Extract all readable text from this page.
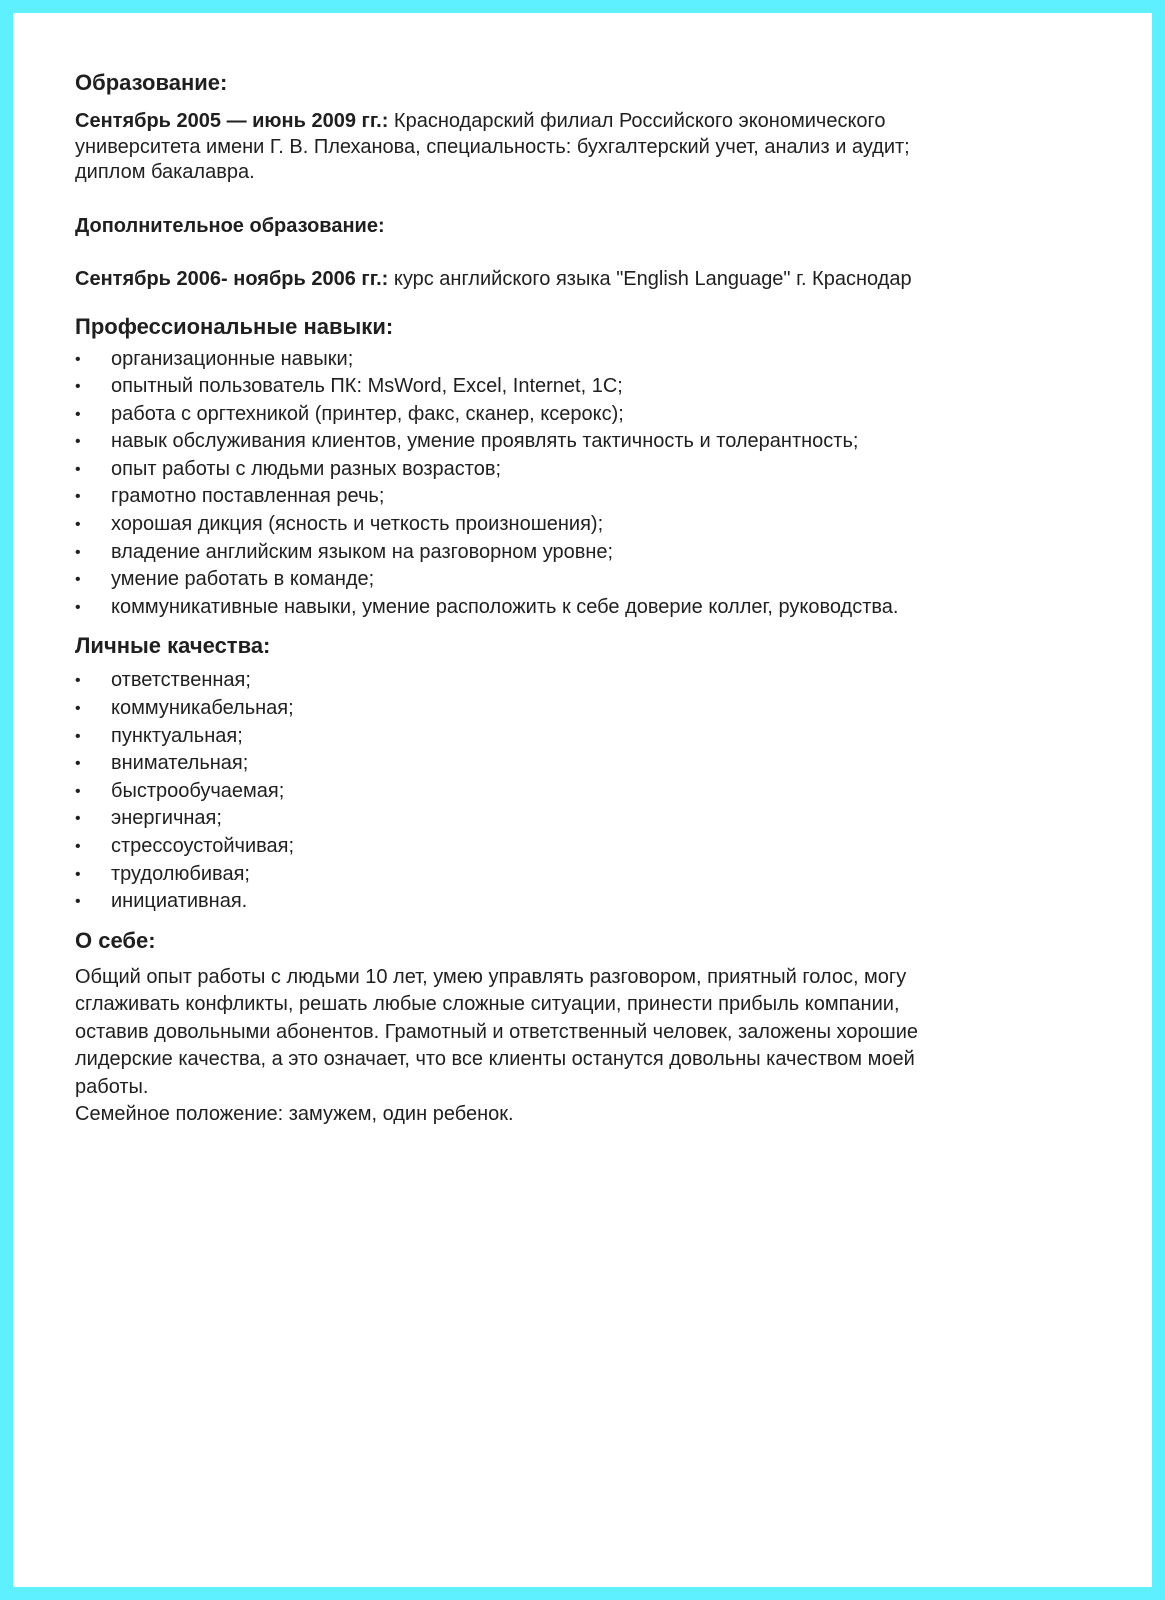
Образование:

Сентябрь 2005 — июнь 2009 гг.: Краснодарский филиал Российского экономического
университета имени Г. В. Плеханова, специальность: бухгалтерский учет, анализ и аудит;
диплом бакалавра.

Дополнительное образование:

Сентябрь 2006- ноябрь 2006 гг.: курс английского языка "English Language" г. Краснодар

Профессиональные навыки:
• организационные навыки;
• опытный пользователь ПК: MsWord, Excel, Internet, 1C;
• работа с оргтехникой (принтер, факс, сканер, ксерокс);
• навык обслуживания клиентов, умение проявлять тактичность и толерантность;
• опыт работы с людьми разных возрастов;
• грамотно поставленная речь;
• хорошая дикция (ясность и четкость произношения);
• владение английским языком на разговорном уровне;
• умение работать в команде;
• коммуникативные навыки, умение расположить к себе доверие коллег, руководства.
Личные качества:
• ответственная;
• коммуникабельная;
• пунктуальная;
• внимательная;
• быстрообучаемая;
• энергичная;
• стрессоустойчивая;
• трудолюбивая;
• инициативная.
О себе:

Общий опыт работы с людьми 10 лет, умею управлять разговором, приятный голос, могу

сглаживать конфликты, решать любые сложные ситуации, принести прибыль компании,

оставив довольными абонентов. Грамотный и ответственный человек, заложены хорошие

лидерские качества, а это означает, что все клиенты останутся довольны качеством моей

работы.

Семейное положение: замужем, один ребенок.
